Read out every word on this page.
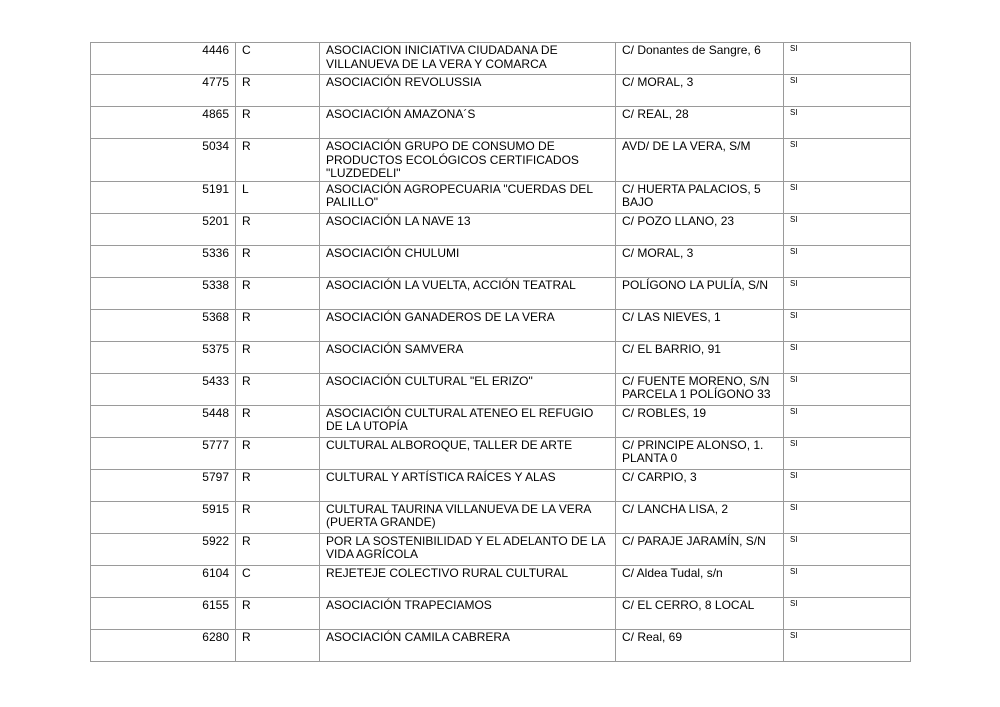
4446	C	ASOCIACION INICIATIVA CIUDADANA DE VILLANUEVA DE LA VERA Y COMARCA	C/ Donantes de Sangre, 6	SI
4775	R	ASOCIACIÓN REVOLUSSIA	C/ MORAL, 3	SI
4865	R	ASOCIACIÓN AMAZONA´S	C/ REAL, 28	SI
5034	R	ASOCIACIÓN GRUPO DE CONSUMO DE PRODUCTOS ECOLÓGICOS CERTIFICADOS "LUZDEDELI"	AVD/ DE LA VERA, S/M	SI
5191	L	ASOCIACIÓN AGROPECUARIA "CUERDAS DEL PALILLO"	C/ HUERTA PALACIOS, 5 BAJO	SI
5201	R	ASOCIACIÓN LA NAVE 13	C/ POZO LLANO, 23	SI
5336	R	ASOCIACIÓN CHULUMI	C/ MORAL, 3	SI
5338	R	ASOCIACIÓN LA VUELTA, ACCIÓN TEATRAL	POLÍGONO LA PULÍA, S/N	SI
5368	R	ASOCIACIÓN GANADEROS DE LA VERA	C/ LAS NIEVES, 1	SI
5375	R	ASOCIACIÓN SAMVERA	C/ EL BARRIO, 91	SI
5433	R	ASOCIACIÓN CULTURAL "EL ERIZO"	C/ FUENTE MORENO, S/N PARCELA 1 POLÍGONO 33	SI
5448	R	ASOCIACIÓN CULTURAL ATENEO EL REFUGIO DE LA UTOPÍA	C/ ROBLES, 19	SI
5777	R	CULTURAL ALBOROQUE, TALLER DE ARTE	C/ PRINCIPE ALONSO, 1. PLANTA 0	SI
5797	R	CULTURAL Y ARTÍSTICA RAÍCES Y ALAS	C/ CARPIO, 3	SI
5915	R	CULTURAL TAURINA VILLANUEVA DE LA VERA (PUERTA GRANDE)	C/ LANCHA LISA, 2	SI
5922	R	POR LA SOSTENIBILIDAD Y EL ADELANTO DE LA VIDA AGRÍCOLA	C/ PARAJE JARAMÍN, S/N	SI
6104	C	REJETEJE COLECTIVO RURAL CULTURAL	C/ Aldea Tudal, s/n	SI
6155	R	ASOCIACIÓN TRAPECIAMOS	C/ EL CERRO, 8 LOCAL	SI
6280	R	ASOCIACIÓN CAMILA CABRERA	C/ Real, 69	SI
